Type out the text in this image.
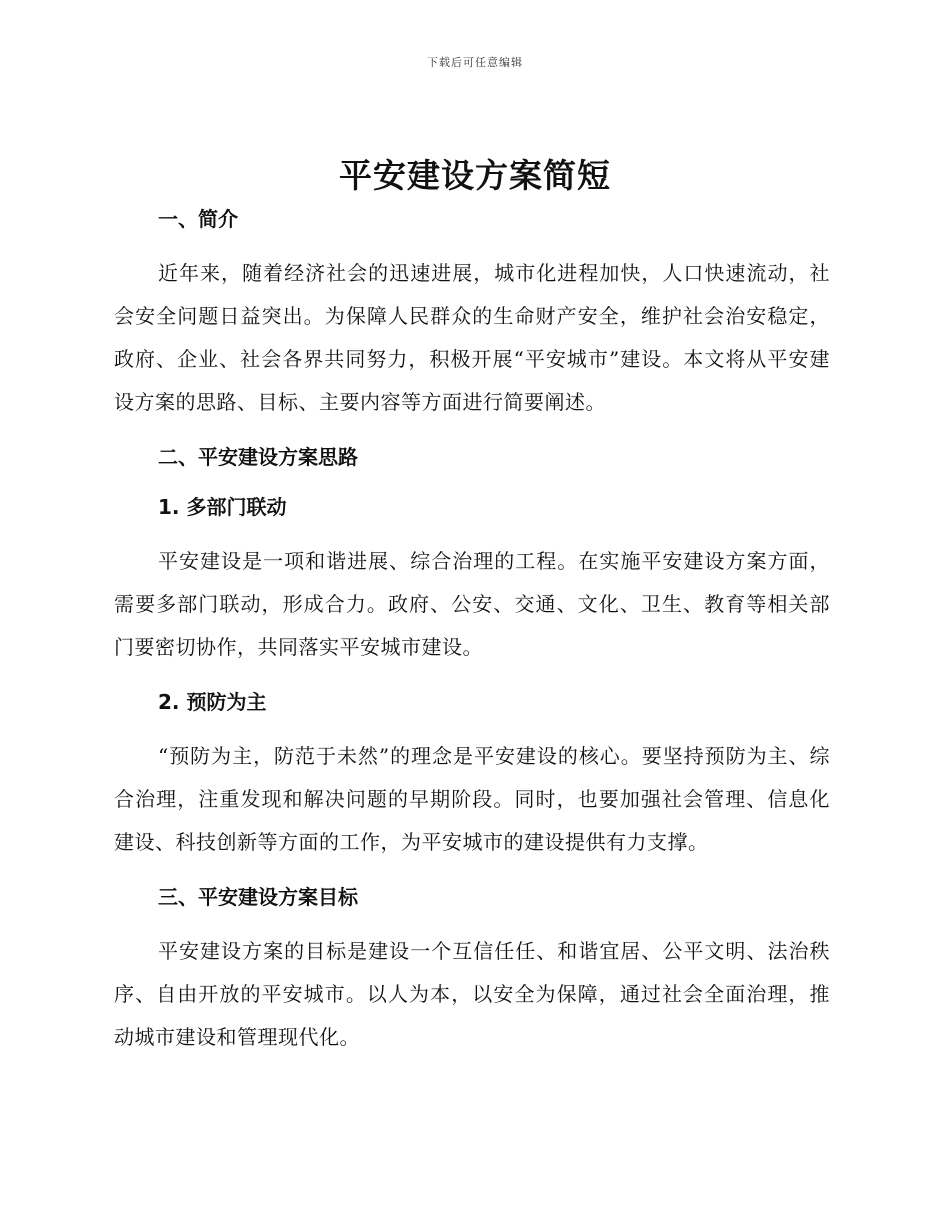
下载后可任意编辑
平安建设方案简短
一、简介

近年来，随着经济社会的迅速进展，城市化进程加快，人口快速流动，社会安全问题日益突出。为保障人民群众的生命财产安全，维护社会治安稳定，政府、企业、社会各界共同努力，积极开展“平安城市”建设。本文将从平安建设方案的思路、目标、主要内容等方面进行简要阐述。

二、平安建设方案思路
1. 多部门联动

平安建设是一项和谐进展、综合治理的工程。在实施平安建设方案方面，需要多部门联动，形成合力。政府、公安、交通、文化、卫生、教育等相关部门要密切协作，共同落实平安城市建设。

2. 预防为主

“预防为主，防范于未然”的理念是平安建设的核心。要坚持预防为主、综合治理，注重发现和解决问题的早期阶段。同时，也要加强社会管理、信息化建设、科技创新等方面的工作，为平安城市的建设提供有力支撑。

三、平安建设方案目标

平安建设方案的目标是建设一个互信任任、和谐宜居、公平文明、法治秩序、自由开放的平安城市。以人为本，以安全为保障，通过社会全面治理，推动城市建设和管理现代化。
